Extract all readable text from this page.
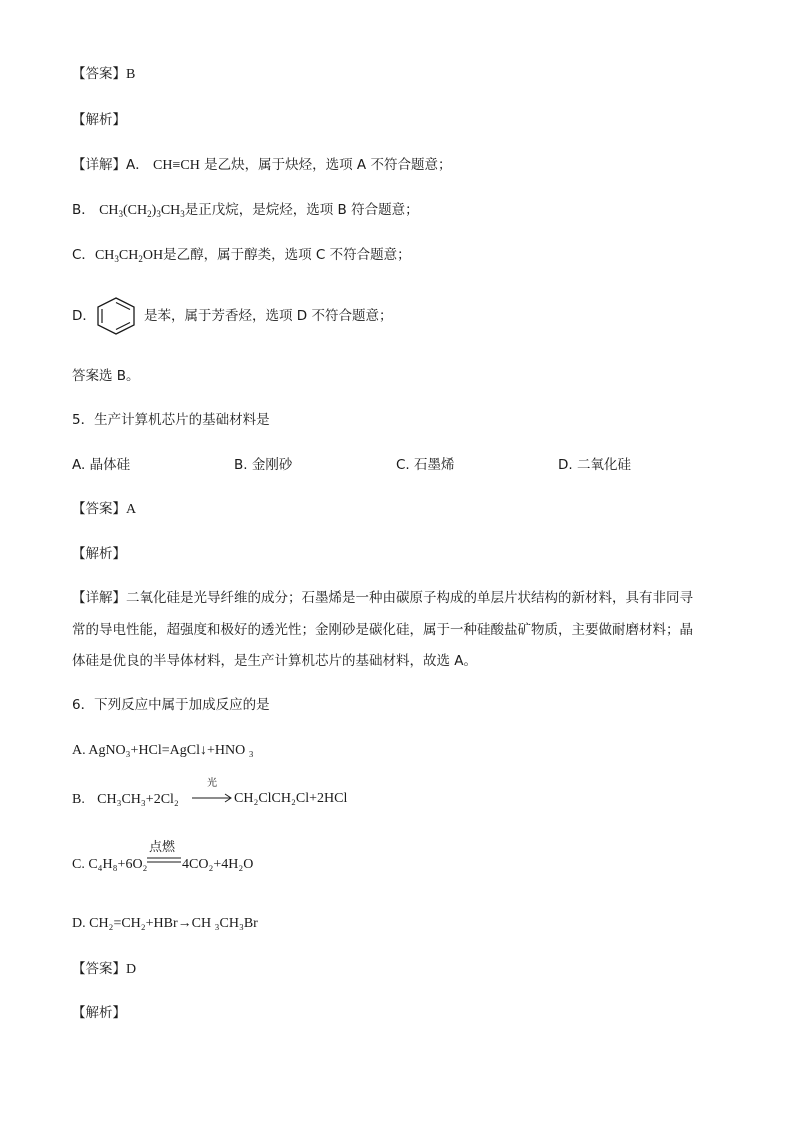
【答案】B
【解析】
【详解】A． CH≡CH 是乙炔，属于炔烃，选项 A 不符合题意；
B． $CH_3(CH_2)_3CH_3$是正戊烷，是烷烃，选项 B 符合题意；
C．$CH_3CH_2OH$是乙醇，属于醇类，选项 C 不符合题意；
D．	是苯，属于芳香烃，选项 D 不符合题意；
答案选 B。
5．生产计算机芯片的基础材料是
A. 晶体硅	B. 金刚砂	C. 石墨烯	D. 二氧化硅
【答案】A
【解析】
【详解】二氧化硅是光导纤维的成分；石墨烯是一种由碳原子构成的单层片状结构的新材料，具有非同寻
常的导电性能，超强度和极好的透光性；金刚砂是碳化硅，属于一种硅酸盐矿物质，主要做耐磨材料；晶
体硅是优良的半导体材料，是生产计算机芯片的基础材料，故选 A。
6．下列反应中属于加成反应的是
A. AgNO₃+HCl=AgCl↓+HNO ₃
B. CH₃CH₃+2Cl₂
光
→ CH₂ClCH₂Cl+2HCl
C. C₄H₈+6O₂
点燃
4CO₂+4H₂O
D. CH₂=CH₂+HBr→CH ₃CH₃Br
【答案】D
【解析】
